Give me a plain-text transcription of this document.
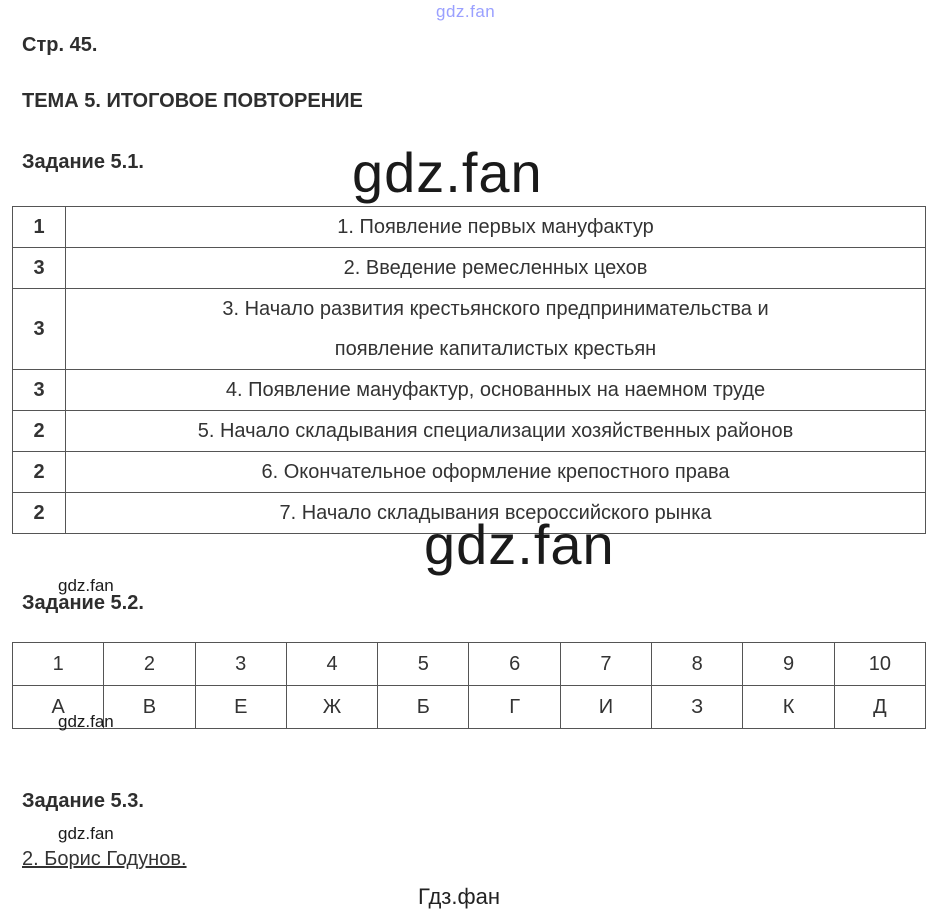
gdz.fan
Стр. 45.
ТЕМА 5. ИТОГОВОЕ ПОВТОРЕНИЕ
Задание 5.1.
1	1. Появление первых мануфактур
3	2. Введение ремесленных цехов
3	3. Начало развития крестьянского предпринимательства и появление капиталистых крестьян
3	4. Появление мануфактур, основанных на наемном труде
2	5. Начало складывания специализации хозяйственных районов
2	6. Окончательное оформление крепостного права
2	7. Начало складывания всероссийского рынка
gdz.fan
gdz.fan
gdz.fan
Задание 5.2.
1	2	3	4	5	6	7	8	9	10
А	В	Е	Ж	Б	Г	И	З	К	Д
gdz.fan
Задание 5.3.
gdz.fan
2. Борис Годунов.
Гдз.фан
